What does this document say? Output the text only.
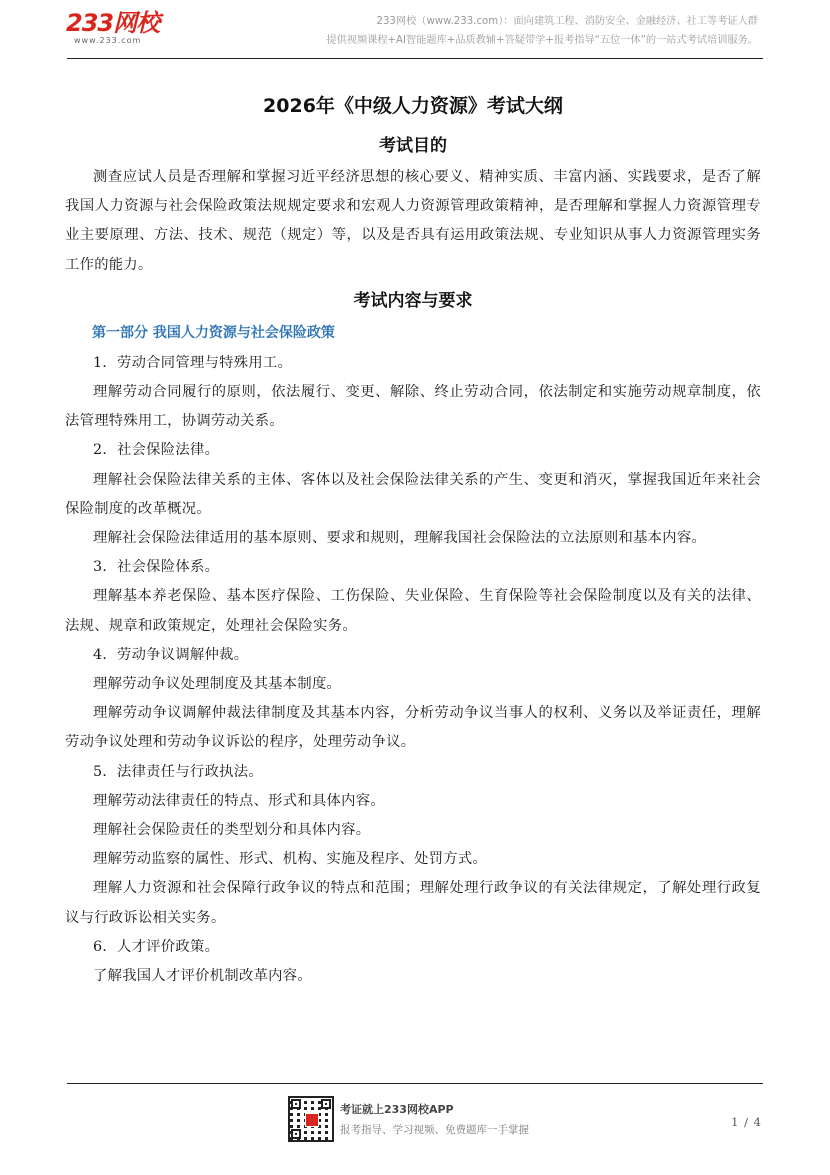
233网校
www.233.com
233网校（www.233.com）：面向建筑工程、消防安全、金融经济、社工等考证人群
提供视频课程+AI智能题库+品质教辅+答疑带学+报考指导“五位一体”的一站式考试培训服务。
2026年《中级人力资源》考试大纲
考试目的

测查应试人员是否理解和掌握习近平经济思想的核心要义、精神实质、丰富内涵、实践要求，是否了解我国人力资源与社会保险政策法规规定要求和宏观人力资源管理政策精神，是否理解和掌握人力资源管理专业主要原理、方法、技术、规范（规定）等，以及是否具有运用政策法规、专业知识从事人力资源管理实务工作的能力。

考试内容与要求
第一部分 我国人力资源与社会保险政策

1．劳动合同管理与特殊用工。

理解劳动合同履行的原则，依法履行、变更、解除、终止劳动合同，依法制定和实施劳动规章制度，依法管理特殊用工，协调劳动关系。

2．社会保险法律。

理解社会保险法律关系的主体、客体以及社会保险法律关系的产生、变更和消灭，掌握我国近年来社会保险制度的改革概况。

理解社会保险法律适用的基本原则、要求和规则，理解我国社会保险法的立法原则和基本内容。

3．社会保险体系。

理解基本养老保险、基本医疗保险、工伤保险、失业保险、生育保险等社会保险制度以及有关的法律、法规、规章和政策规定，处理社会保险实务。

4．劳动争议调解仲裁。

理解劳动争议处理制度及其基本制度。

理解劳动争议调解仲裁法律制度及其基本内容，分析劳动争议当事人的权利、义务以及举证责任，理解劳动争议处理和劳动争议诉讼的程序，处理劳动争议。

5．法律责任与行政执法。

理解劳动法律责任的特点、形式和具体内容。

理解社会保险责任的类型划分和具体内容。

理解劳动监察的属性、形式、机构、实施及程序、处罚方式。

理解人力资源和社会保障行政争议的特点和范围；理解处理行政争议的有关法律规定，了解处理行政复议与行政诉讼相关实务。

6．人才评价政策。

了解我国人才评价机制改革内容。

考证就上233网校APP
报考指导、学习视频、免费题库一手掌握
1 / 4
